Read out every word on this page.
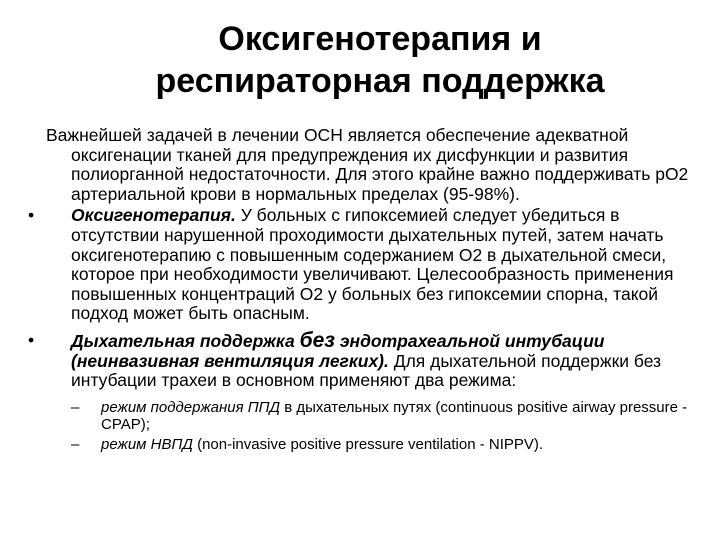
Оксигенотерапия и
респираторная поддержка

Важнейшей задачей в лечении ОСН является обеспечение адекватной оксигенации тканей для предупреждения их дисфункции и развития полиорганной недостаточности. Для этого крайне важно поддерживать рО2 артериальной крови в нормальных пределах (95-98%).

• Оксигенотерапия. У больных с гипоксемией следует убедиться в отсутствии нарушенной проходимости дыхательных путей, затем начать оксигенотерапию с повышенным содержанием О2 в дыхательной смеси, которое при необходимости увеличивают. Целесообразность применения повышенных концентраций О2 у больных без гипоксемии спорна, такой подход может быть опасным.

• Дыхательная поддержка без эндотрахеальной интубации (неинвазивная вентиляция легких). Для дыхательной поддержки без интубации трахеи в основном применяют два режима:

– режим поддержания ППД в дыхательных путях (continuous positive airway pressure - CPAP);
– режим НВПД (non-invasive positive pressure ventilation - NIPPV).
